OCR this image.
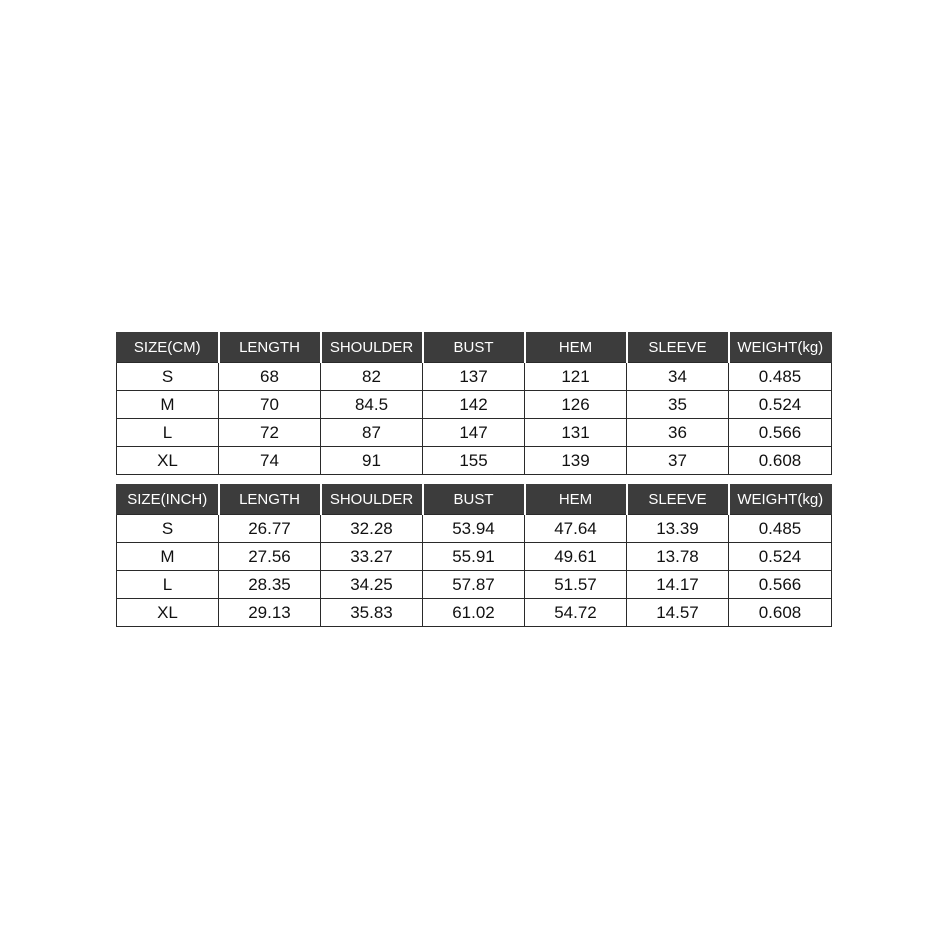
SIZE(CM)	LENGTH	SHOULDER	BUST	HEM	SLEEVE	WEIGHT(kg)
S	68	82	137	121	34	0.485
M	70	84.5	142	126	35	0.524
L	72	87	147	131	36	0.566
XL	74	91	155	139	37	0.608
SIZE(INCH)	LENGTH	SHOULDER	BUST	HEM	SLEEVE	WEIGHT(kg)
S	26.77	32.28	53.94	47.64	13.39	0.485
M	27.56	33.27	55.91	49.61	13.78	0.524
L	28.35	34.25	57.87	51.57	14.17	0.566
XL	29.13	35.83	61.02	54.72	14.57	0.608
